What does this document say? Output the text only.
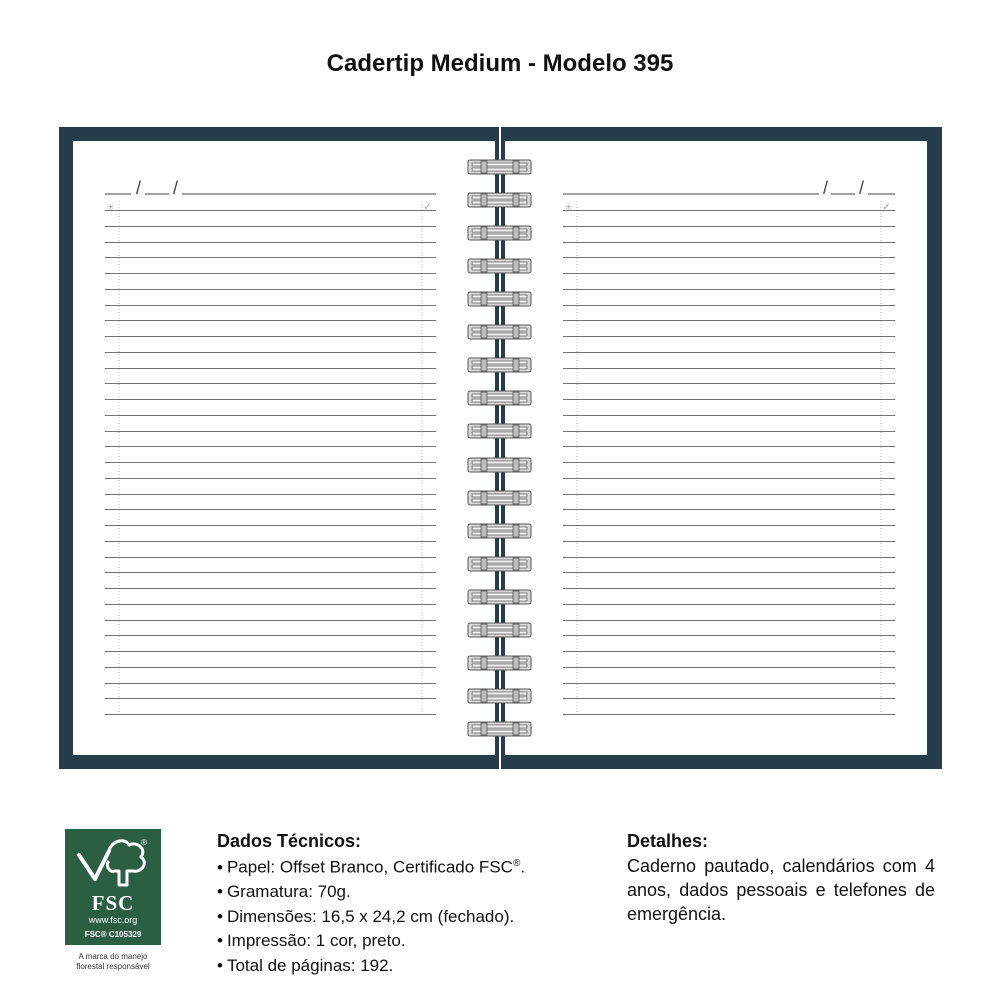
Cadertip Medium - Modelo 395
/ /
✳	✓
/ /
✳	✓
®
FSC
www.fsc.org
FSC® C105329
A marca do manejo
florestal responsável
Dados Técnicos:
• Papel: Offset Branco, Certificado FSC®.
• Gramatura: 70g.
• Dimensões: 16,5 x 24,2 cm (fechado).
• Impressão: 1 cor, preto.
• Total de páginas: 192.
Detalhes:

Caderno pautado, calendários com 4 anos, dados pessoais e telefones de emergência.
